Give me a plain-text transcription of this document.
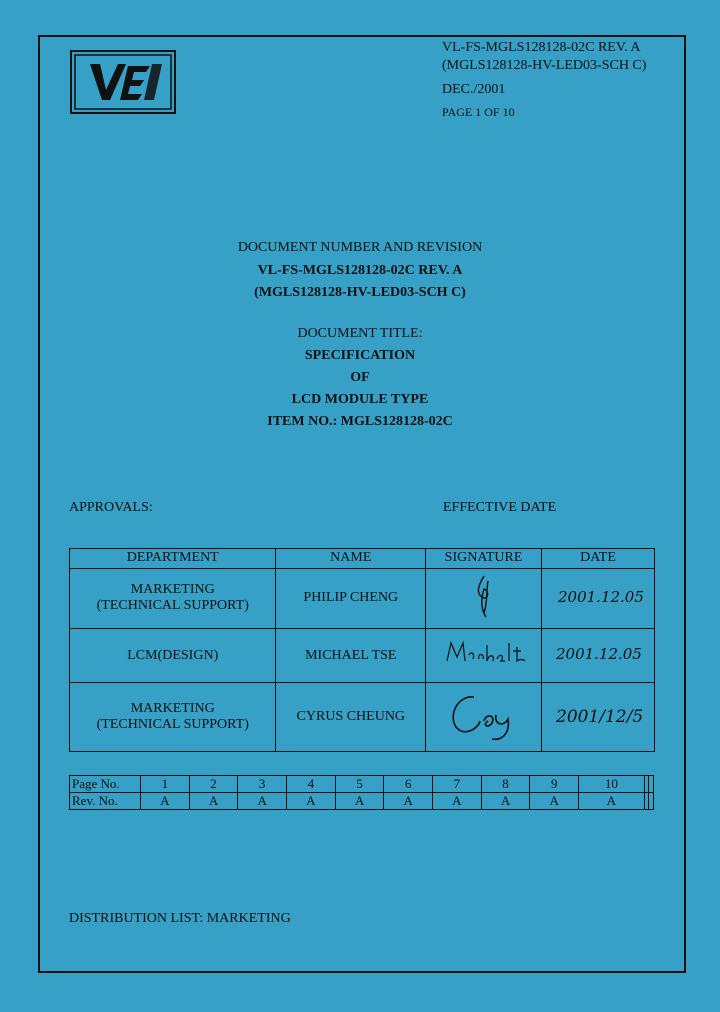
VL-FS-MGLS128128-02C REV. A
(MGLS128128-HV-LED03-SCH C)
DEC./2001
PAGE 1 OF 10
DOCUMENT NUMBER AND REVISION
VL-FS-MGLS128128-02C REV. A
(MGLS128128-HV-LED03-SCH C)
DOCUMENT TITLE:
SPECIFICATION
OF
LCD MODULE TYPE
ITEM NO.: MGLS128128-02C
APPROVALS:	EFFECTIVE DATE
DEPARTMENT	NAME	SIGNATURE	DATE

MARKETING
(TECHNICAL SUPPORT)	PHILIP CHENG		2001.12.05

LCM(DESIGN)	MICHAEL TSE		2001.12.05

MARKETING
(TECHNICAL SUPPORT)	CYRUS CHEUNG		2001/12/5
Page No.	1	2	3	4	5	6	7	8	9	10		
Rev. No.	A	A	A	A	A	A	A	A	A	A		
DISTRIBUTION LIST: MARKETING
